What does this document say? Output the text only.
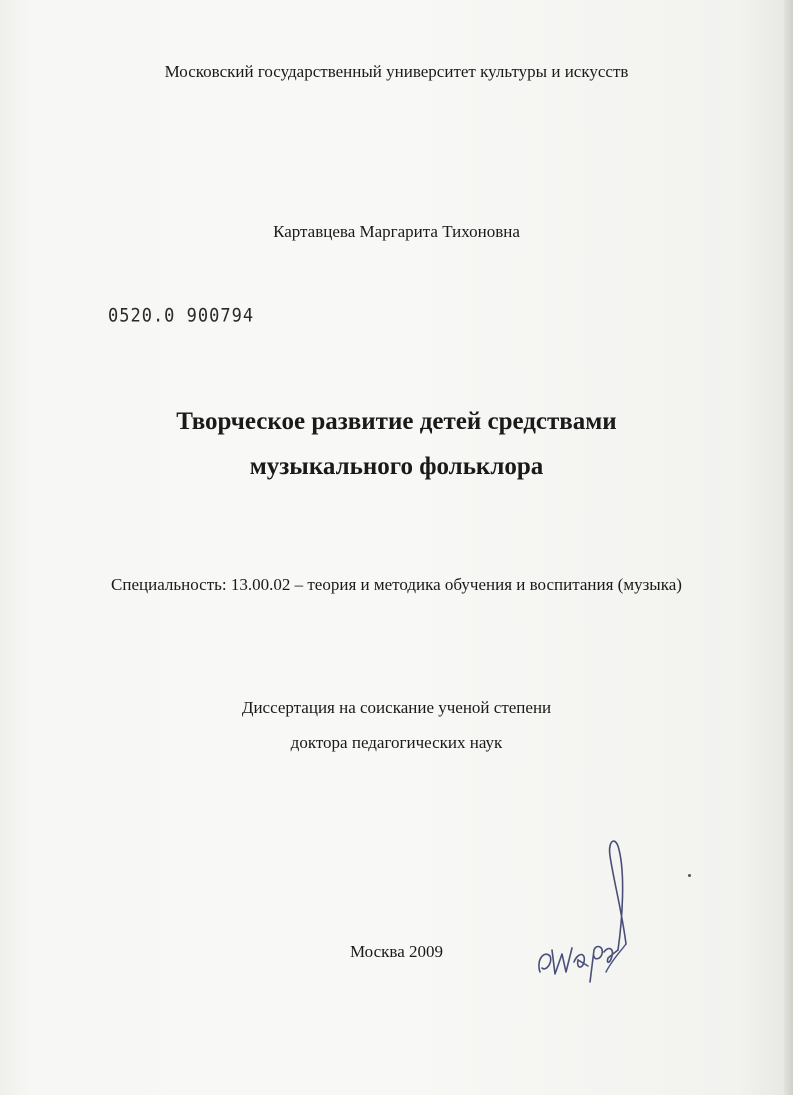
Московский государственный университет культуры и искусств
Картавцева Маргарита Тихоновна
0520.0 900794
Творческое развитие детей средствами
музыкального фольклора
Специальность: 13.00.02 – теория и методика обучения и воспитания (музыка)
Диссертация на соискание ученой степени
доктора педагогических наук
Москва 2009
